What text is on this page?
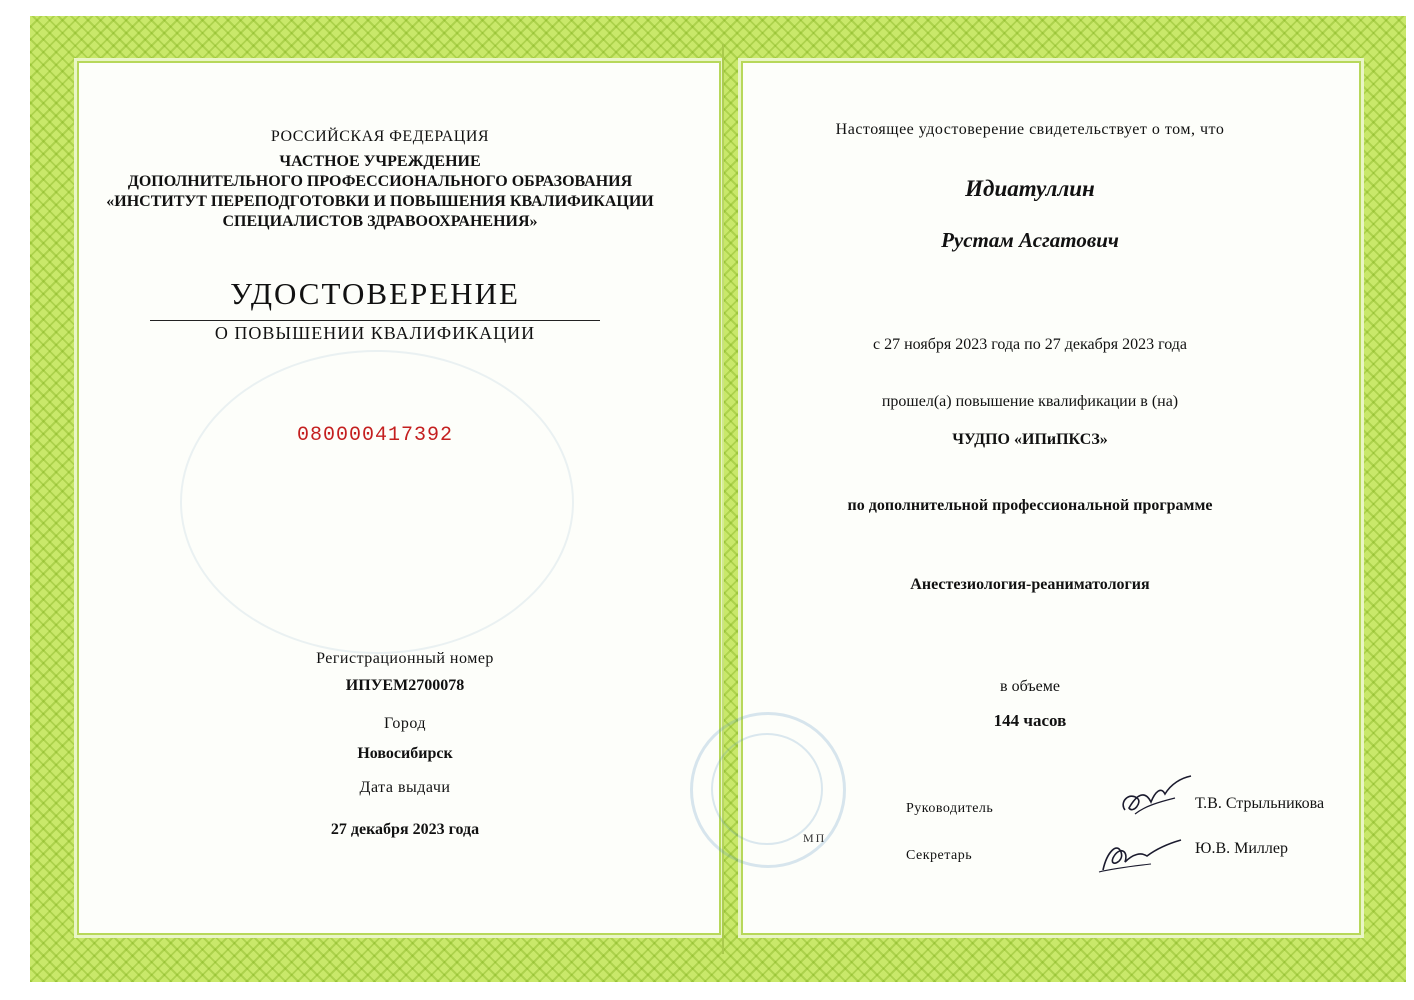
РОССИЙСКАЯ ФЕДЕРАЦИЯ
ЧАСТНОЕ УЧРЕЖДЕНИЕ
ДОПОЛНИТЕЛЬНОГО ПРОФЕССИОНАЛЬНОГО ОБРАЗОВАНИЯ
«ИНСТИТУТ ПЕРЕПОДГОТОВКИ И ПОВЫШЕНИЯ КВАЛИФИКАЦИИ
СПЕЦИАЛИСТОВ ЗДРАВООХРАНЕНИЯ»
УДОСТОВЕРЕНИЕ
О ПОВЫШЕНИИ КВАЛИФИКАЦИИ
080000417392
Регистрационный номер
ИПУЕМ2700078
Город
Новосибирск
Дата выдачи
27 декабря 2023 года
Настоящее удостоверение свидетельствует о том, что
Идиатуллин
Рустам Асгатович
с 27 ноября 2023 года по 27 декабря 2023 года
прошел(а) повышение квалификации в (на)
ЧУДПО «ИПиПКСЗ»
по дополнительной профессиональной программе
Анестезиология-реаниматология
в объеме
144 часов
МП
Руководитель
Секретарь
Т.В. Стрыльникова
Ю.В. Миллер
